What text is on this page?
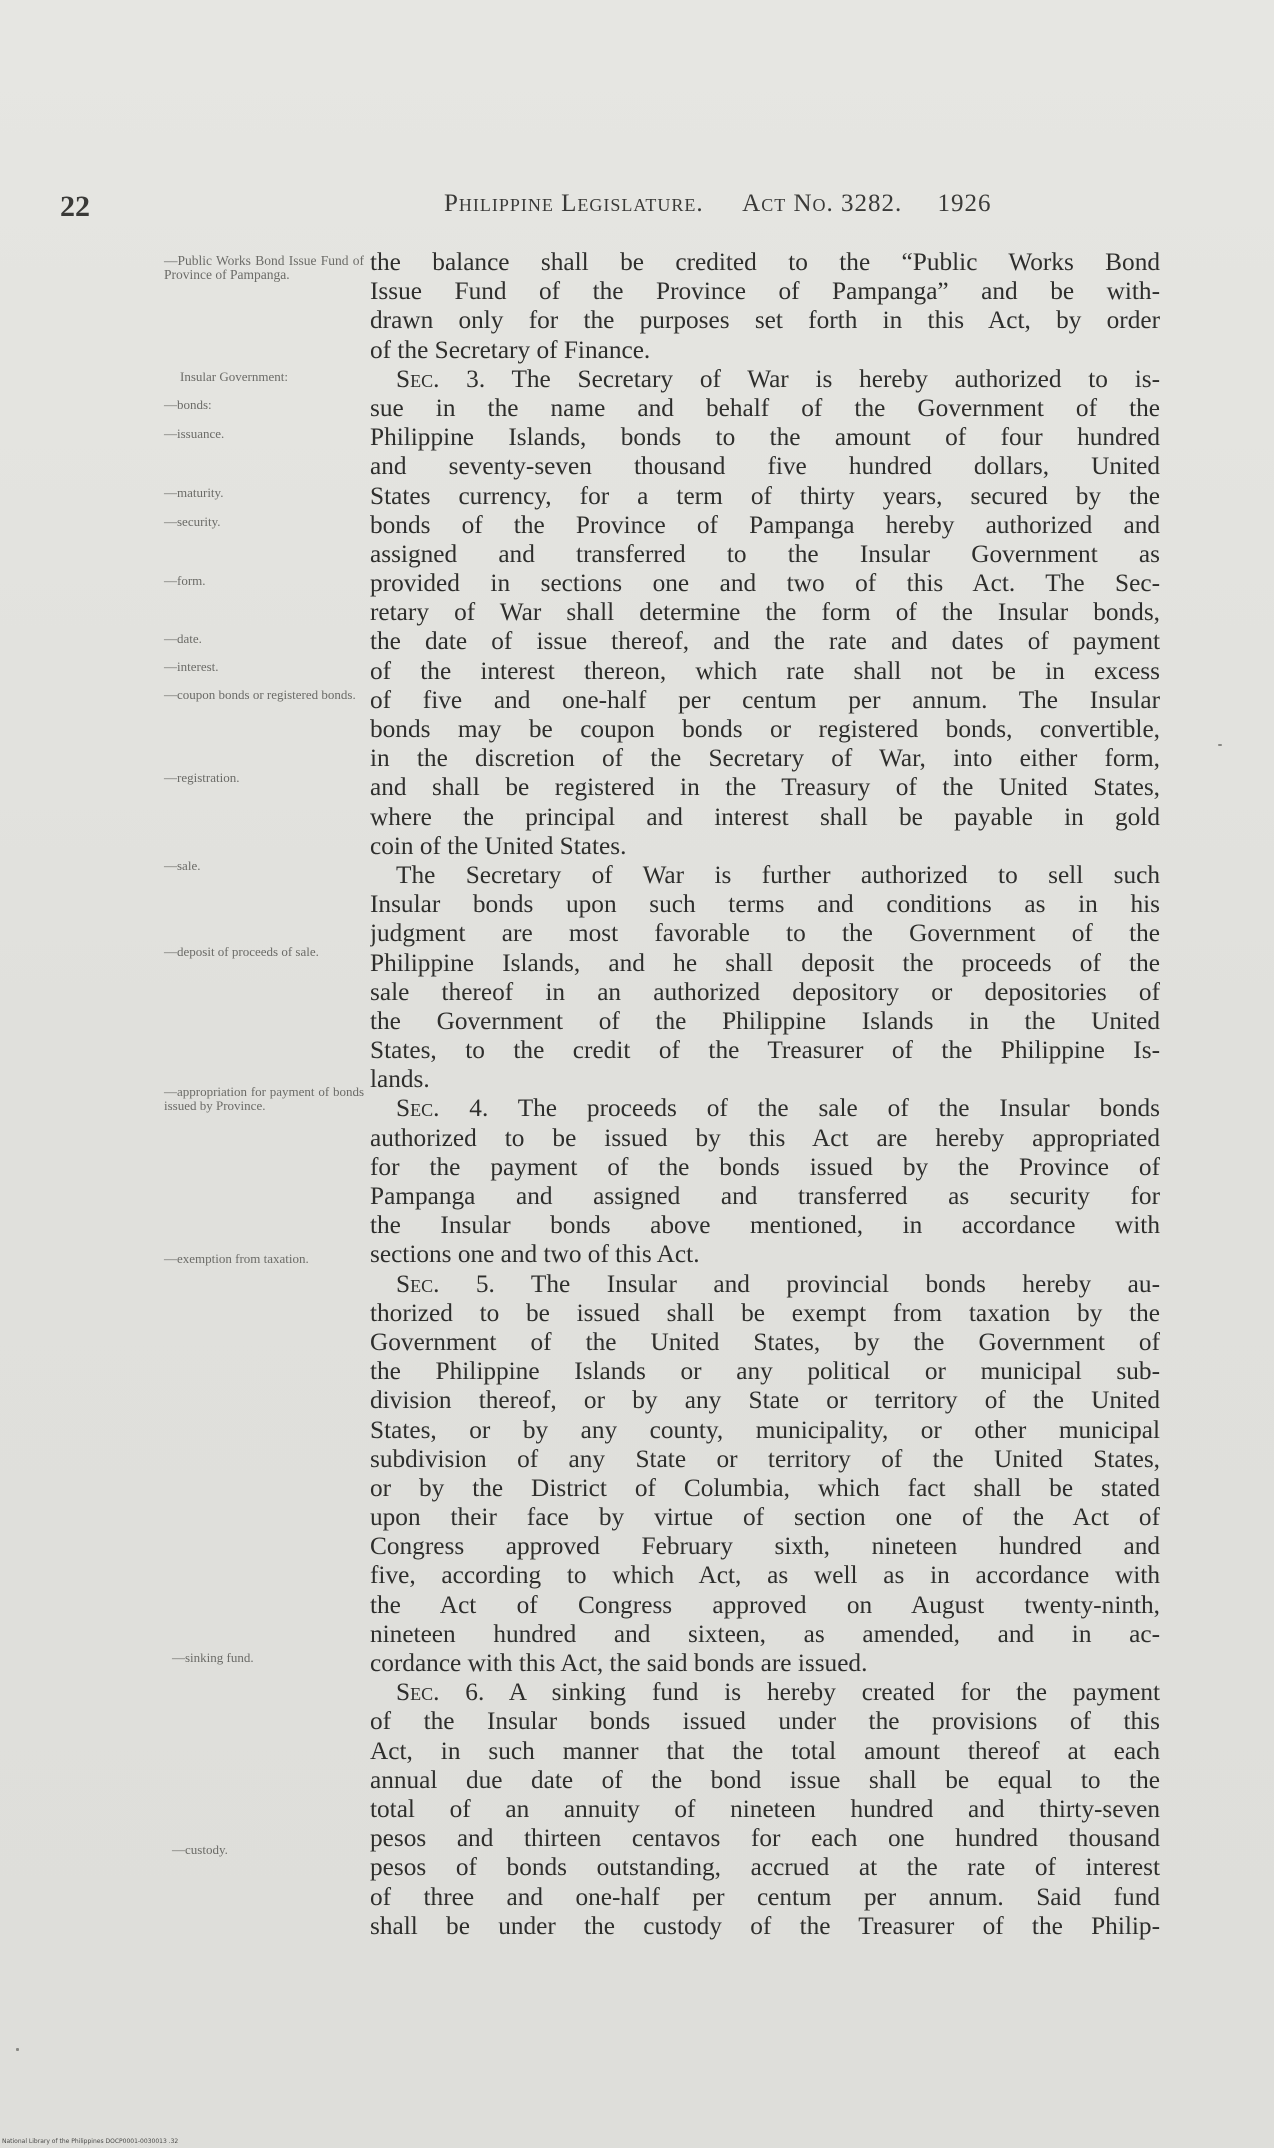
22	Philippine Legislature. Act No. 3282. 1926
—Public Works Bond Issue Fund of Province of Pampanga.
Insular Government:
—bonds:
—issuance.
—maturity.
—security.
—form.
—date.
—interest.
—coupon bonds or registered bonds.
—registration.
—sale.
—deposit of proceeds of sale.
—appropriation for payment of bonds issued by Province.
—exemption from taxation.
—sinking fund.
—custody.
the balance shall be credited to the “Public Works Bond
Issue Fund of the Province of Pampanga” and be with-
drawn only for the purposes set forth in this Act, by order
of the Secretary of Finance.
Sec. 3. The Secretary of War is hereby authorized to is-
sue in the name and behalf of the Government of the
Philippine Islands, bonds to the amount of four hundred
and seventy-seven thousand five hundred dollars, United
States currency, for a term of thirty years, secured by the
bonds of the Province of Pampanga hereby authorized and
assigned and transferred to the Insular Government as
provided in sections one and two of this Act. The Sec-
retary of War shall determine the form of the Insular bonds,
the date of issue thereof, and the rate and dates of payment
of the interest thereon, which rate shall not be in excess
of five and one-half per centum per annum. The Insular
bonds may be coupon bonds or registered bonds, convertible,
in the discretion of the Secretary of War, into either form,
and shall be registered in the Treasury of the United States,
where the principal and interest shall be payable in gold
coin of the United States.
The Secretary of War is further authorized to sell such
Insular bonds upon such terms and conditions as in his
judgment are most favorable to the Government of the
Philippine Islands, and he shall deposit the proceeds of the
sale thereof in an authorized depository or depositories of
the Government of the Philippine Islands in the United
States, to the credit of the Treasurer of the Philippine Is-
lands.
Sec. 4. The proceeds of the sale of the Insular bonds
authorized to be issued by this Act are hereby appropriated
for the payment of the bonds issued by the Province of
Pampanga and assigned and transferred as security for
the Insular bonds above mentioned, in accordance with
sections one and two of this Act.
Sec. 5. The Insular and provincial bonds hereby au-
thorized to be issued shall be exempt from taxation by the
Government of the United States, by the Government of
the Philippine Islands or any political or municipal sub-
division thereof, or by any State or territory of the United
States, or by any county, municipality, or other municipal
subdivision of any State or territory of the United States,
or by the District of Columbia, which fact shall be stated
upon their face by virtue of section one of the Act of
Congress approved February sixth, nineteen hundred and
five, according to which Act, as well as in accordance with
the Act of Congress approved on August twenty-ninth,
nineteen hundred and sixteen, as amended, and in ac-
cordance with this Act, the said bonds are issued.
Sec. 6. A sinking fund is hereby created for the payment
of the Insular bonds issued under the provisions of this
Act, in such manner that the total amount thereof at each
annual due date of the bond issue shall be equal to the
total of an annuity of nineteen hundred and thirty-seven
pesos and thirteen centavos for each one hundred thousand
pesos of bonds outstanding, accrued at the rate of interest
of three and one-half per centum per annum. Said fund
shall be under the custody of the Treasurer of the Philip-
National Library of the Philippines DOCP0001-0030013 .32
